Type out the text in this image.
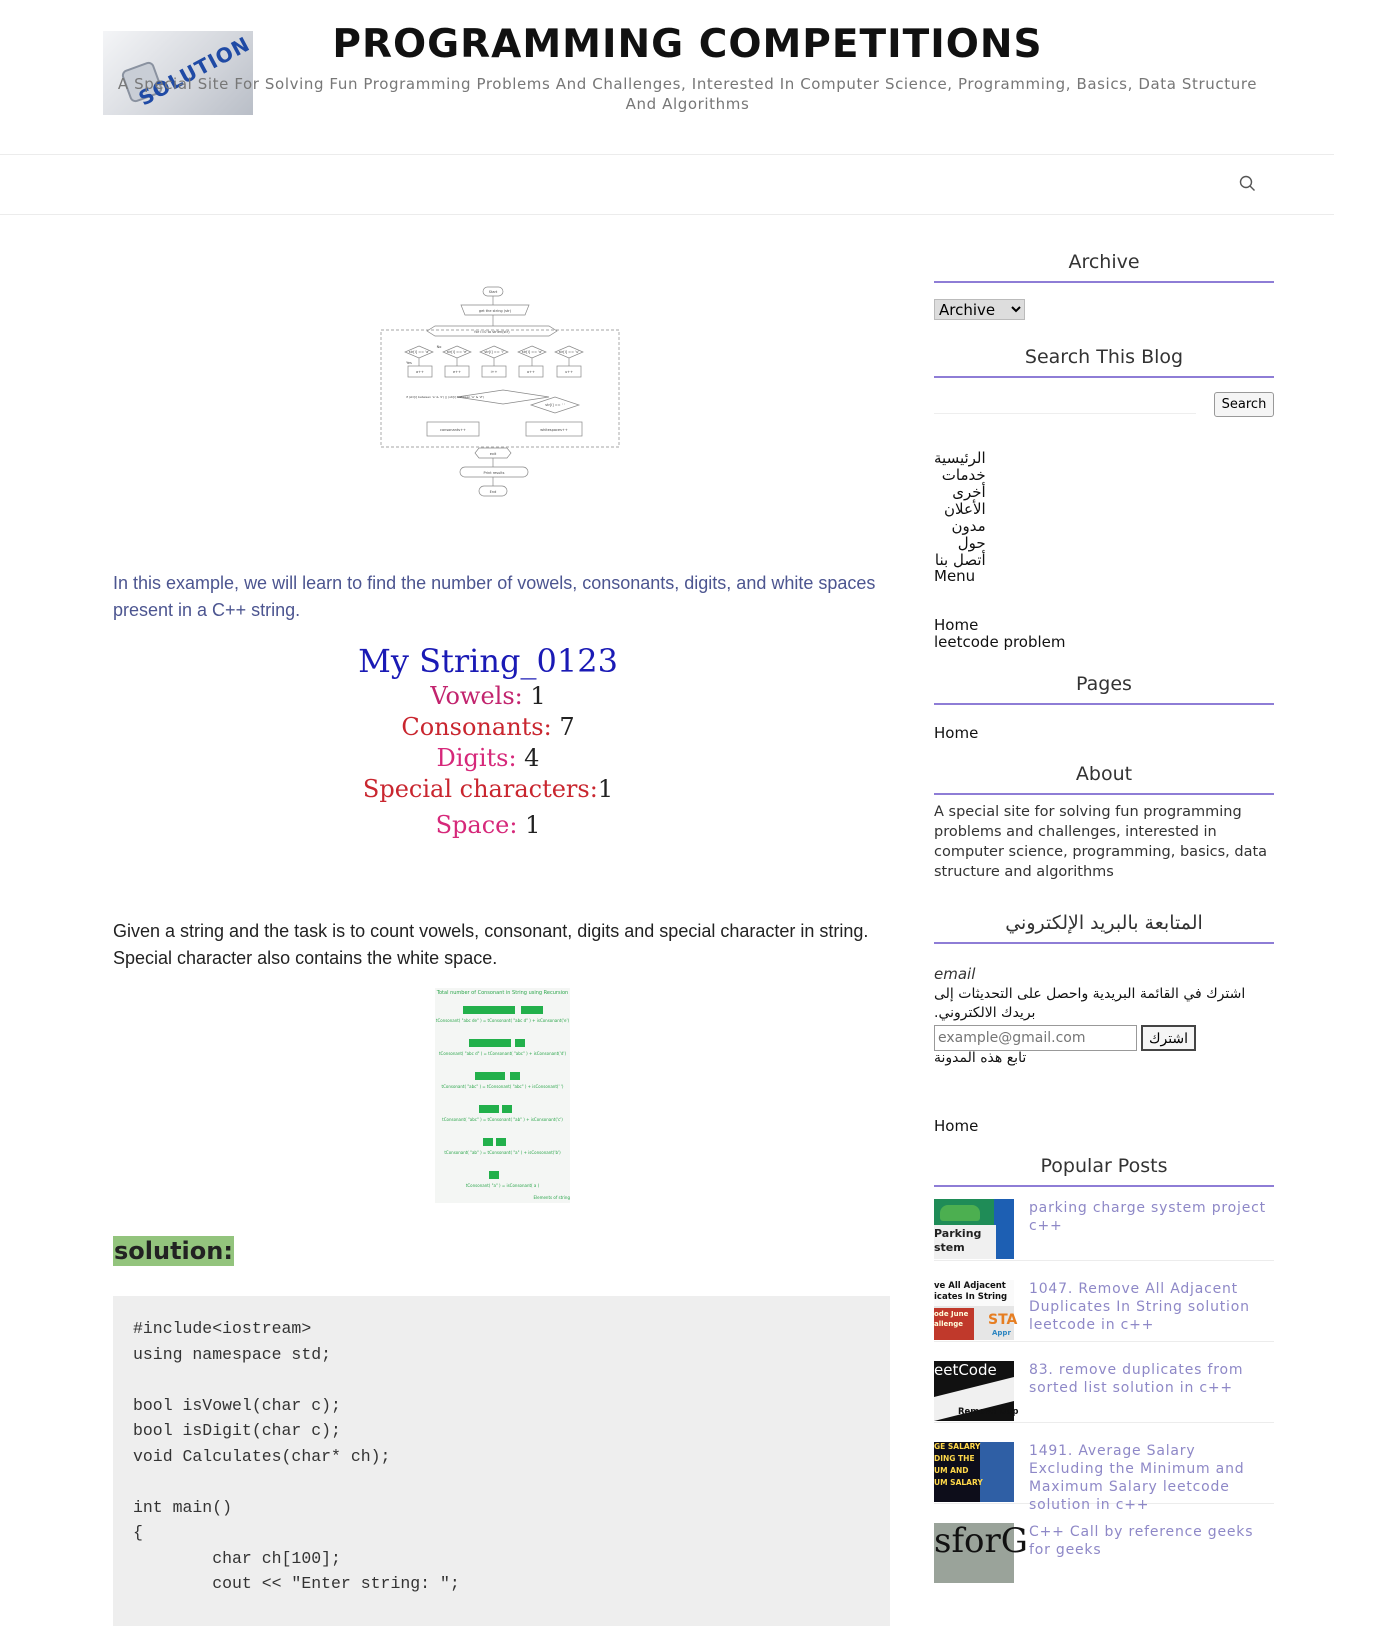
SOLUTION	PROGRAMMING COMPETITIONS
A Special Site For Solving Fun Programming Problems And Challenges, Interested In Computer Science, Programming, Basics, Data Structure And Algorithms
Start
get the string (str)
for i=0 to strlen(str)
str[i] == 'a'	str[i] == 'e'	str[i] == 'i'	str[i] == 'o'	str[i] == 'u'
No
Yes
a++	e++	i++	o++	u++
if (str[i] between 'a' & 'z') || (str[i] between 'A' & 'Z')
str[i] == ' '
consonants++	whitespaces++
exit
Print results
End
In this example, we will learn to find the number of vowels, consonants, digits, and white spaces present in a C++ string.
My String_0123
Vowels: 1
Consonants: 7
Digits: 4
Special characters:1
Space: 1
Given a string and the task is to count vowels, consonant, digits and special character in string. Special character also contains the white space.
Total number of Consonant in String using Recursion
tConsonant( "abc de" ) = tConsonant( "abc d" ) + isConsonant('e')
tConsonant( "abc d" ) = tConsonant( "abc" ) + isConsonant('d')
tConsonant( "abc" ) = tConsonant( "abc" ) + isConsonant(' ')
tConsonant( "abc" ) = tConsonant( "ab" ) + isConsonant('c')
tConsonant( "ab" ) = tConsonant( "a" ) + isConsonant('b')
tConsonant( "a" ) = isConsonant( a )
Elements of string
solution:
#include<iostream>
using namespace std;

bool isVowel(char c);
bool isDigit(char c);
void Calculates(char* ch);

int main()
{
char ch[100];
cout << "Enter string: ";
Archive
Archive
Search This Blog
Search
الرئيسية
خدمات
أخرى
الأعلان
مدون
حول
أتصل بنا
Menu
Home
leetcode problem
Pages
Home
About
A special site for solving fun programming problems and challenges, interested in computer science, programming, basics, data structure and algorithms
المتابعة بالبريد الإلكتروني
email
اشترك في القائمة البريدية واحصل على التحديثات إلى بريدك الالكتروني.
example@gmail.com
اشترك
تابع هذه المدونة
Home
Popular Posts
Parking
stem
parking charge system project c++
ve All Adjacent
icates In String
ode June
allenge STA
Appr
1047. Remove All Adjacent Duplicates In String solution leetcode in c++
eetCode
Remove Dup
83. remove duplicates from sorted list solution in c++
GE SALARY
DING THE
UM AND
UM SALARY
1491. Average Salary Excluding the Minimum and Maximum Salary leetcode solution in c++
sforG C++ Call by reference geeks for geeks
